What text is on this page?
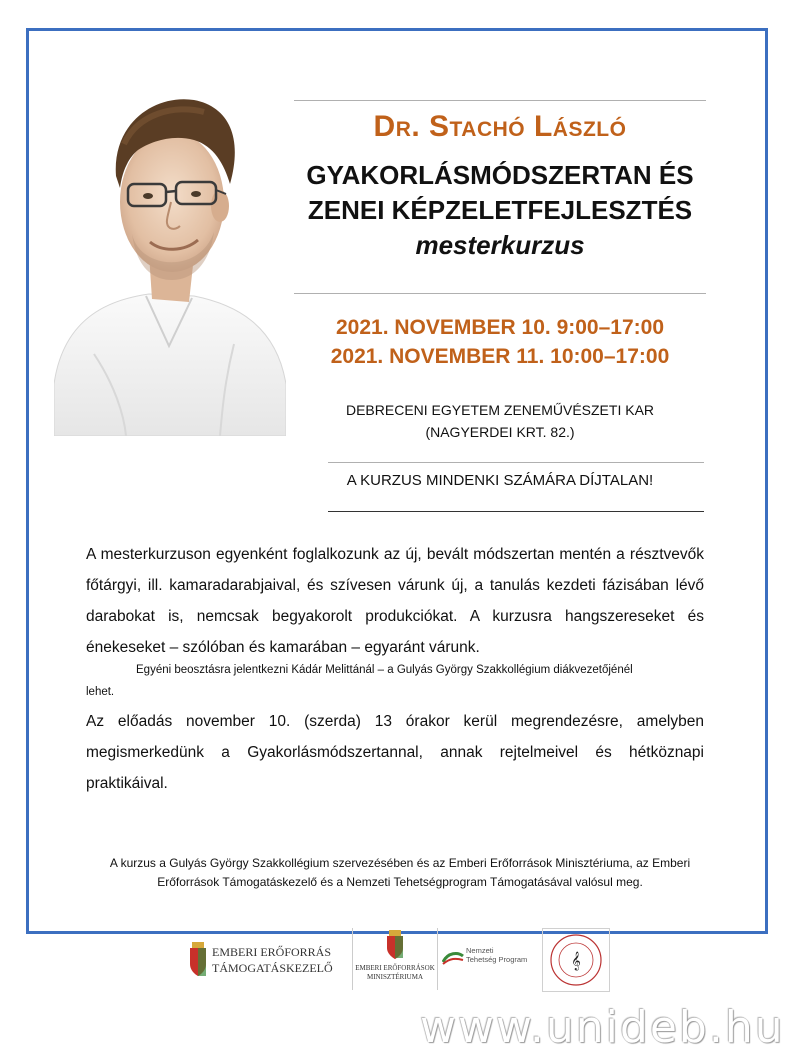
Dr. Stachó László
GYAKORLÁSMÓDSZERTAN ÉS
ZENEI KÉPZELETFEJLESZTÉS
mesterkurzus
2021. NOVEMBER 10. 9:00–17:00
2021. NOVEMBER 11. 10:00–17:00
DEBRECENI EGYETEM ZENEMŰVÉSZETI KAR
(NAGYERDEI KRT. 82.)
A KURZUS MINDENKI SZÁMÁRA DÍJTALAN!
A mesterkurzuson egyenként foglalkozunk az új, bevált módszertan mentén a résztvevők főtárgyi, ill. kamaradarabjaival, és szívesen várunk új, a tanulás kezdeti fázisában lévő darabokat is, nemcsak begyakorolt produkciókat. A kurzusra hangszereseket és énekeseket – szólóban és kamarában – egyaránt várunk.
Egyéni beosztásra jelentkezni Kádár Melittánál – a Gulyás György Szakkollégium diákvezetőjénél
lehet.
Az előadás november 10. (szerda) 13 órakor kerül megrendezésre, amelyben megismerkedünk a Gyakorlásmódszertannal, annak rejtelmeivel és hétköznapi praktikáival.
A kurzus a Gulyás György Szakkollégium szervezésében és az Emberi Erőforrások Minisztériuma, az Emberi
Erőforrások Támogatáskezelő és a Nemzeti Tehetségprogram Támogatásával valósul meg.
EMBERI ERŐFORRÁS
TÁMOGATÁSKEZELŐ	EMBERI ERŐFORRÁSOK
MINISZTÉRIUMA
Nemzeti
Tehetség Program	𝄞
www.unideb.hu
